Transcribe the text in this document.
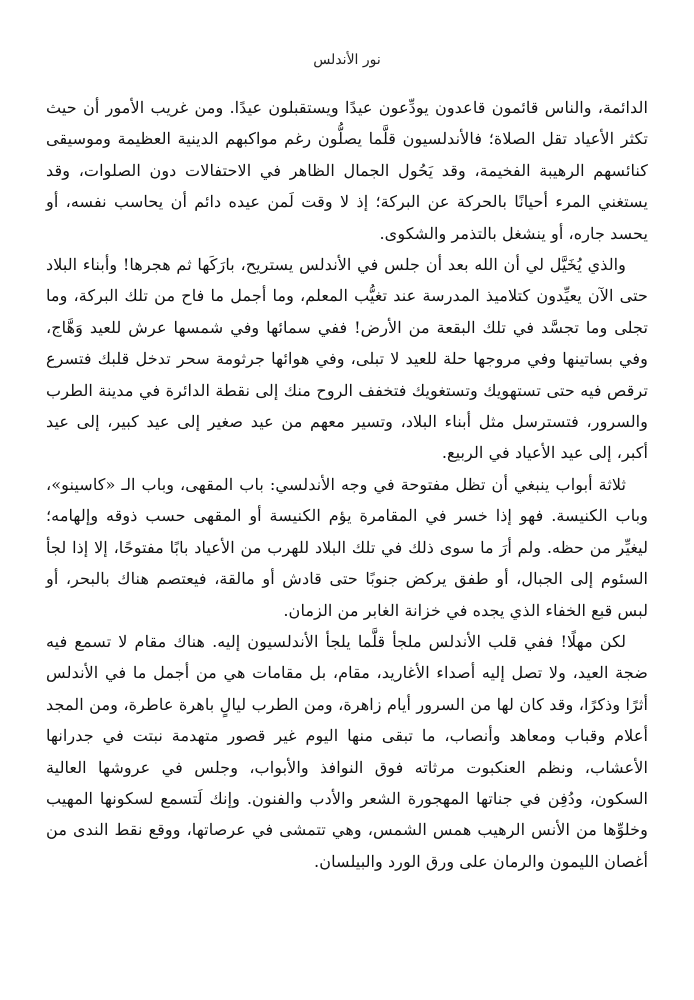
نور الأندلس

الدائمة، والناس قائمون قاعدون يودِّعون عيدًا ويستقبلون عيدًا. ومن غريب الأمور أن حيث تكثر الأعياد تقل الصلاة؛ فالأندلسيون قلَّما يصلُّون رغم مواكبهم الدينية العظيمة وموسيقى كنائسهم الرهيبة الفخيمة، وقد يَحُول الجمال الظاهر في الاحتفالات دون الصلوات، وقد يستغني المرء أحيانًا بالحركة عن البركة؛ إذ لا وقت لَمن عيده دائم أن يحاسب نفسه، أو يحسد جاره، أو ينشغل بالتذمر والشكوى.

والذي يُخَيَّل لي أن الله بعد أن جلس في الأندلس يستريح، بارَكَها ثم هجرها! وأبناء البلاد حتى الآن يعيِّدون كتلاميذ المدرسة عند تغيُّب المعلم، وما أجمل ما فاح من تلك البركة، وما تجلى وما تجسَّد في تلك البقعة من الأرض! ففي سمائها وفي شمسها عرش للعيد وَهَّاج، وفي بساتينها وفي مروجها حلة للعيد لا تبلى، وفي هوائها جرثومة سحر تدخل قلبك فتسرع ترقص فيه حتى تستهويك وتستغويك فتخفف الروح منك إلى نقطة الدائرة في مدينة الطرب والسرور، فتسترسل مثل أبناء البلاد، وتسير معهم من عيد صغير إلى عيد كبير، إلى عيد أكبر، إلى عيد الأعياد في الربيع.

ثلاثة أبواب ينبغي أن تظل مفتوحة في وجه الأندلسي: باب المقهى، وباب الـ «كاسينو»، وباب الكنيسة. فهو إذا خسر في المقامرة يؤم الكنيسة أو المقهى حسب ذوقه وإلهامه؛ ليغيِّر من حظه. ولم أرَ ما سوى ذلك في تلك البلاد للهرب من الأعياد بابًا مفتوحًا، إلا إذا لجأ السئوم إلى الجبال، أو طفق يركض جنوبًا حتى قادش أو مالقة، فيعتصم هناك بالبحر، أو لبس قبع الخفاء الذي يجده في خزانة الغابر من الزمان.

لكن مهلًا! ففي قلب الأندلس ملجأ قلَّما يلجأ الأندلسيون إليه. هناك مقام لا تسمع فيه ضجة العيد، ولا تصل إليه أصداء الأغاريد، مقام، بل مقامات هي من أجمل ما في الأندلس أثرًا وذكرًا، وقد كان لها من السرور أيام زاهرة، ومن الطرب ليالٍ باهرة عاطرة، ومن المجد أعلام وقباب ومعاهد وأنصاب، ما تبقى منها اليوم غير قصور متهدمة نبتت في جدرانها الأعشاب، ونظم العنكبوت مرثاته فوق النوافذ والأبواب، وجلس في عروشها العالية السكون، ودُفِن في جناتها المهجورة الشعر والأدب والفنون. وإنك لَتسمع لسكونها المهيب وخلوِّها من الأنس الرهيب همس الشمس، وهي تتمشى في عرصاتها، ووقع نقط الندى من أغصان الليمون والرمان على ورق الورد والبيلسان.
